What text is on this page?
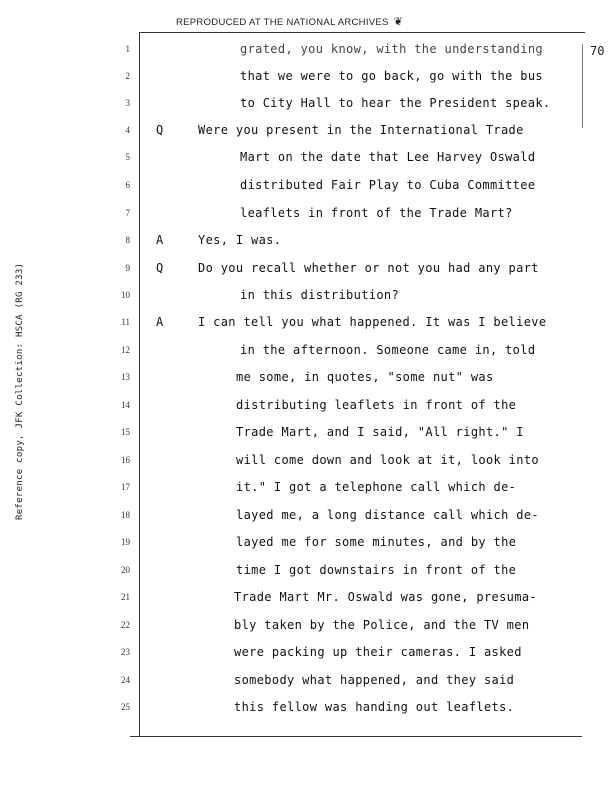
REPRODUCED AT THE NATIONAL ARCHIVES ❦
70
Reference copy, JFK Collection: HSCA (RG 233)
1	grated, you know, with the understanding
2	that we were to go back, go with the bus
3	to City Hall to hear the President speak.
4 Q	Were you present in the International Trade
5	Mart on the date that Lee Harvey Oswald
6	distributed Fair Play to Cuba Committee
7	leaflets in front of the Trade Mart?
8 A	Yes, I was.
9 Q	Do you recall whether or not you had any part
10	in this distribution?
11 A	I can tell you what happened. It was I believe
12	in the afternoon. Someone came in, told
13	me some, in quotes, "some nut" was
14	distributing leaflets in front of the
15	Trade Mart, and I said, "All right." I
16	will come down and look at it, look into
17	it." I got a telephone call which de-
18	layed me, a long distance call which de-
19	layed me for some minutes, and by the
20	time I got downstairs in front of the
21	Trade Mart Mr. Oswald was gone, presuma-
22	bly taken by the Police, and the TV men
23	were packing up their cameras. I asked
24	somebody what happened, and they said
25	this fellow was handing out leaflets.
